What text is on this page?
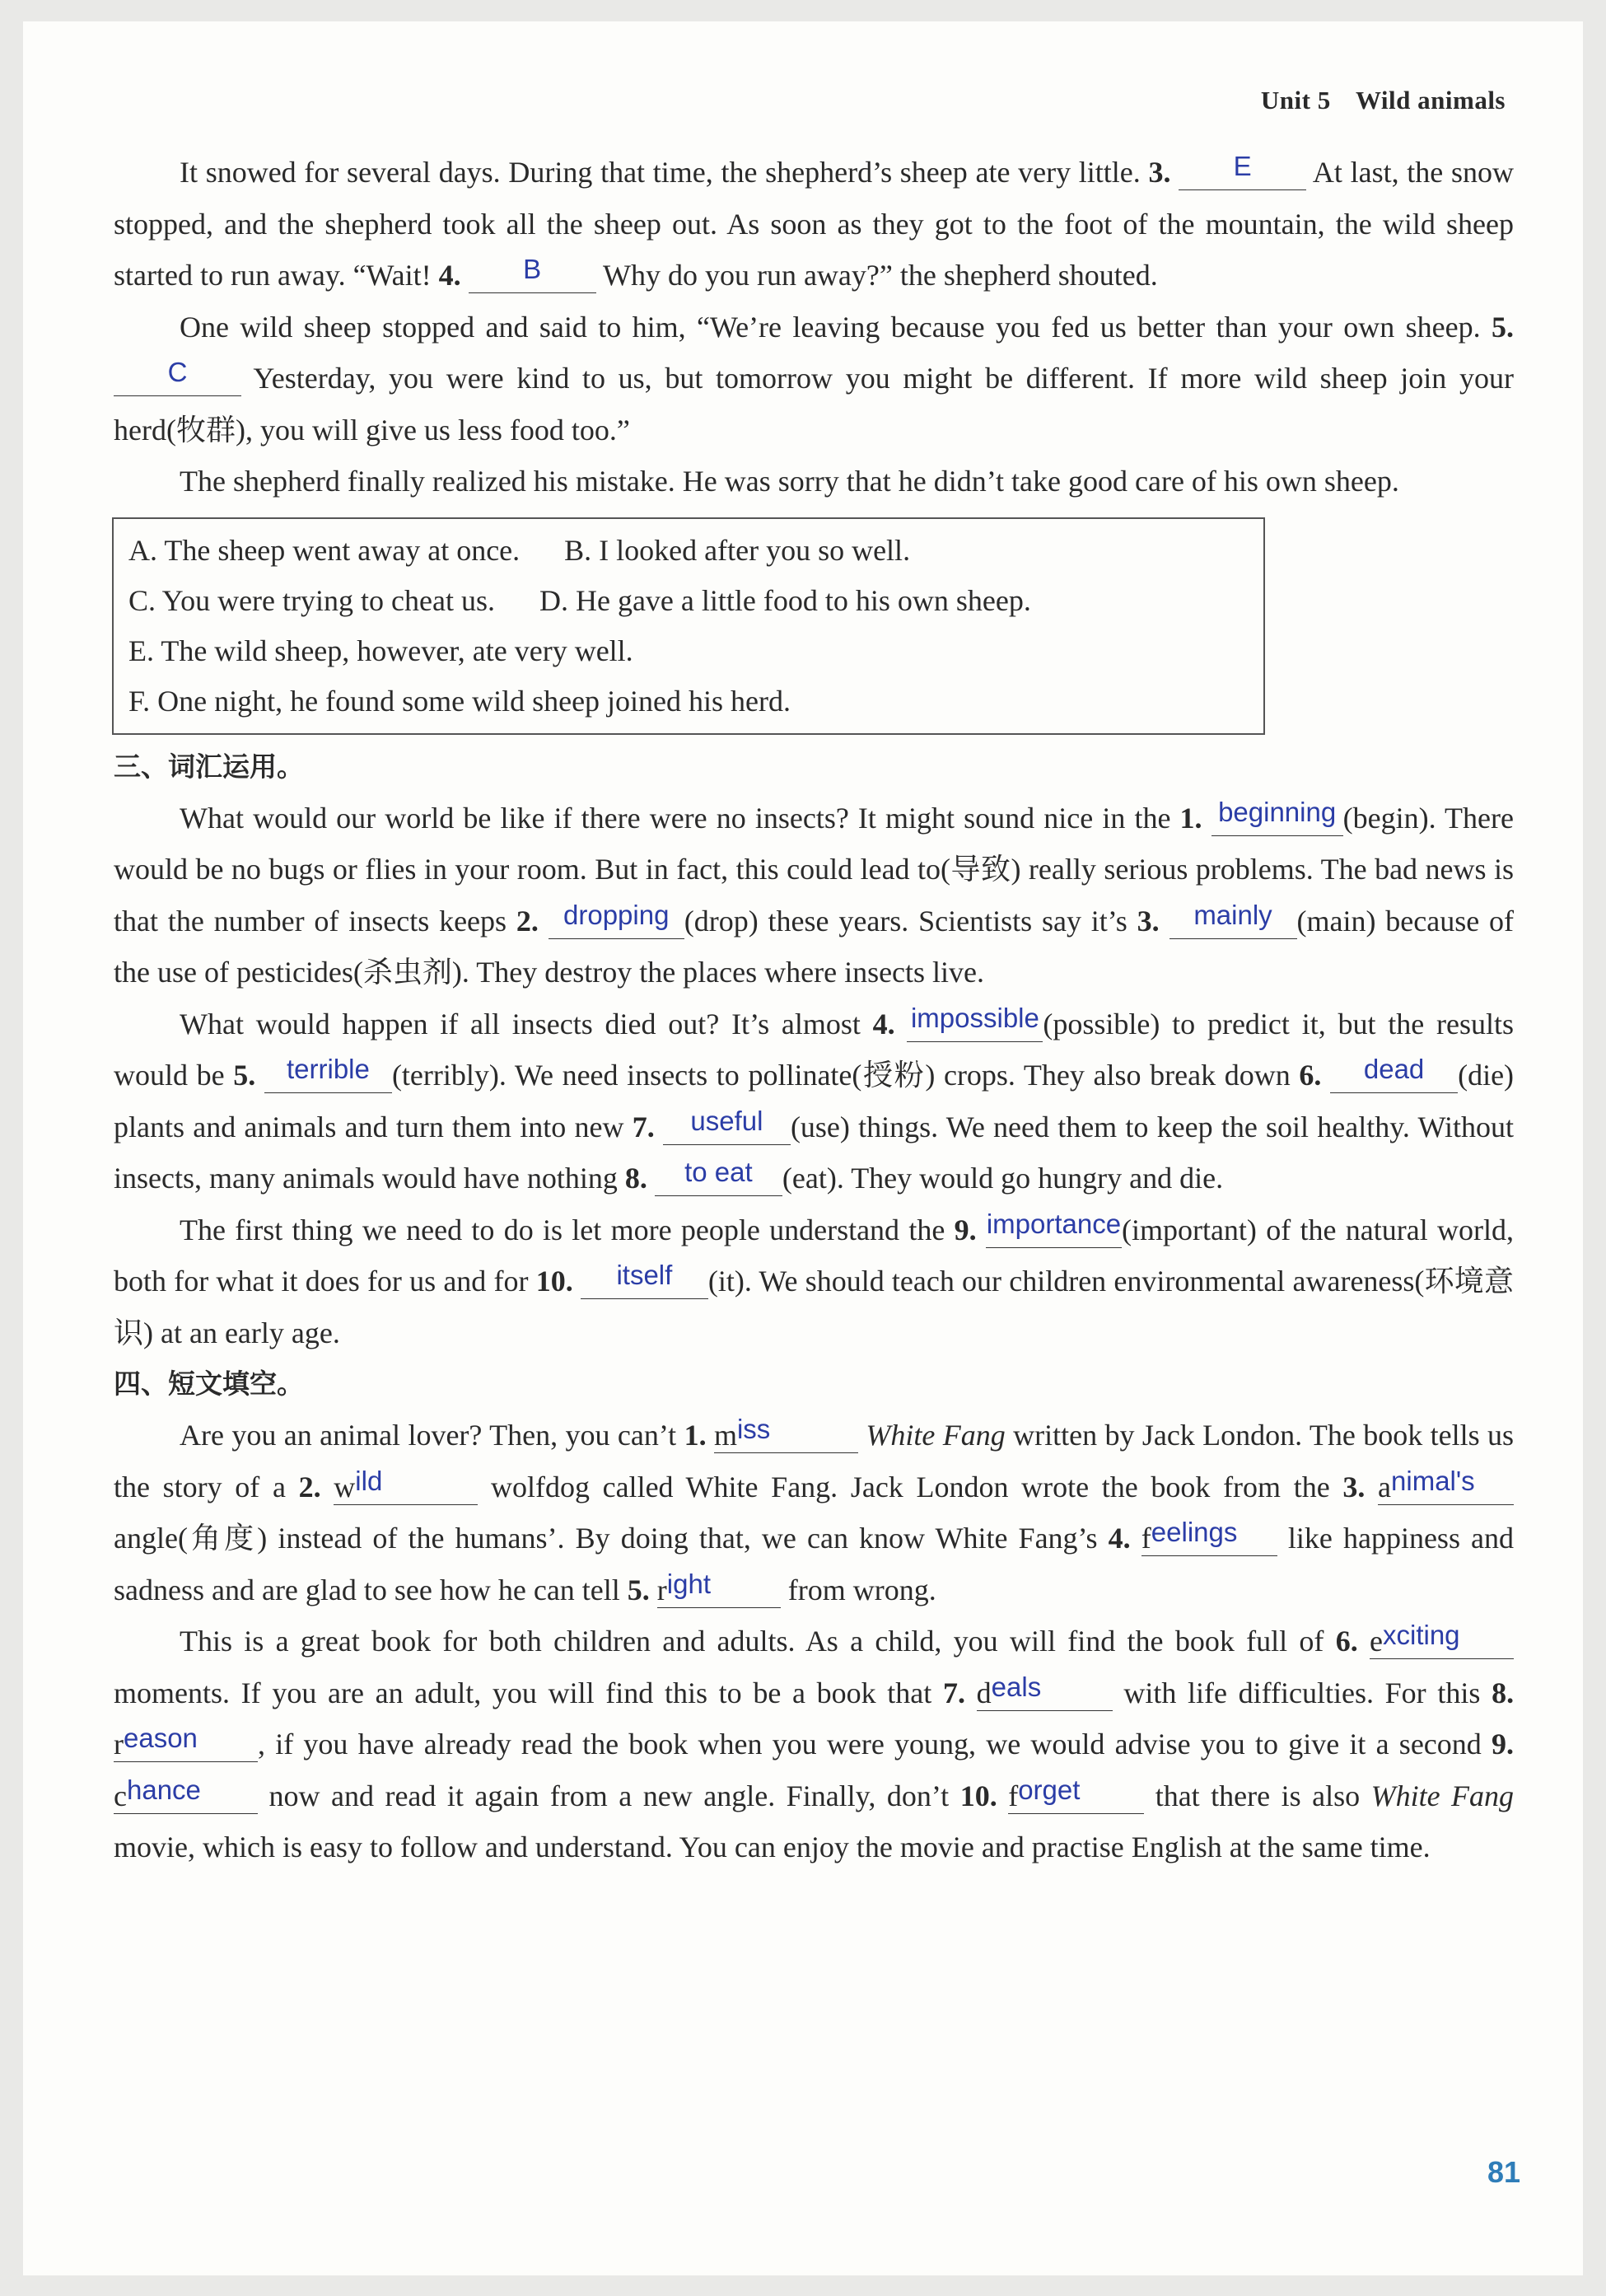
Unit 5 Wild animals

It snowed for several days. During that time, the shepherd’s sheep ate very little. 3. E At last, the snow stopped, and the shepherd took all the sheep out. As soon as they got to the foot of the mountain, the wild sheep started to run away. “Wait! 4. B Why do you run away?” the shepherd shouted.

One wild sheep stopped and said to him, “We’re leaving because you fed us better than your own sheep. 5. C Yesterday, you were kind to us, but tomorrow you might be different. If more wild sheep join your herd(牧群), you will give us less food too.”

The shepherd finally realized his mistake. He was sorry that he didn’t take good care of his own sheep.

A. The sheep went away at once. B. I looked after you so well.
C. You were trying to cheat us. D. He gave a little food to his own sheep.
E. The wild sheep, however, ate very well.
F. One night, he found some wild sheep joined his herd.

三、词汇运用。

What would our world be like if there were no insects? It might sound nice in the 1. beginning (begin). There would be no bugs or flies in your room. But in fact, this could lead to(导致) really serious problems. The bad news is that the number of insects keeps 2. dropping (drop) these years. Scientists say it’s 3. mainly (main) because of the use of pesticides(杀虫剂). They destroy the places where insects live.

What would happen if all insects died out? It’s almost 4. impossible (possible) to predict it, but the results would be 5. terrible (terribly). We need insects to pollinate(授粉) crops. They also break down 6. dead (die) plants and animals and turn them into new 7. useful (use) things. We need them to keep the soil healthy. Without insects, many animals would have nothing 8. to eat (eat). They would go hungry and die.

The first thing we need to do is let more people understand the 9. importance(important) of the natural world, both for what it does for us and for 10. itself (it). We should teach our children environmental awareness(环境意识) at an early age.

四、短文填空。

Are you an animal lover? Then, you can’t 1. miss	White Fang written by Jack London. The book tells us the story of a 2. wild	wolfdog called White Fang. Jack London wrote the book from the 3. animal's angle(角度) instead of the humans’. By doing that, we can know White Fang’s 4. feelings like happiness and sadness and are glad to see how he can tell 5. right	from wrong.

This is a great book for both children and adults. As a child, you will find the book full of 6. exciting moments. If you are an adult, you will find this to be a book that 7. deals	with life difficulties. For this 8. reason , if you have already read the book when you were young, we would advise you to give it a second 9. chance now and read it again from a new angle. Finally, don’t 10. forget	that there is also White Fang movie, which is easy to follow and understand. You can enjoy the movie and practise English at the same time.

81
